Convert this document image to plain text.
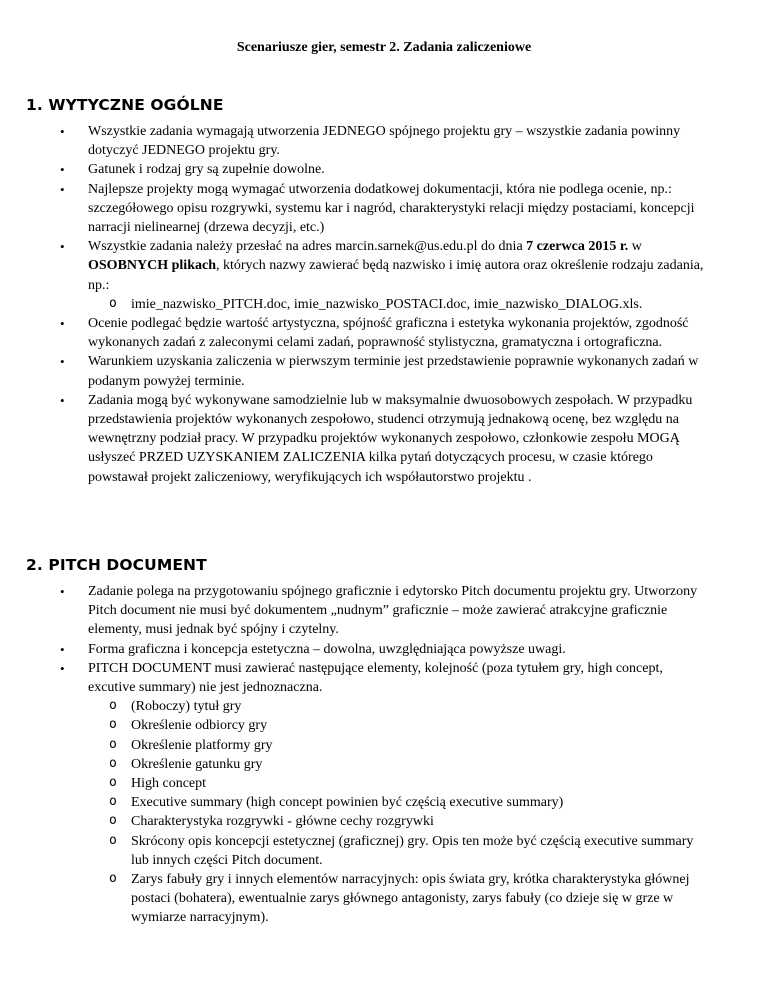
Scenariusze gier, semestr 2. Zadania zaliczeniowe
1. WYTYCZNE OGÓLNE
• Wszystkie zadania wymagają utworzenia JEDNEGO spójnego projektu gry – wszystkie zadania powinny dotyczyć JEDNEGO projektu gry.
• Gatunek i rodzaj gry są zupełnie dowolne.
• Najlepsze projekty mogą wymagać utworzenia dodatkowej dokumentacji, która nie podlega ocenie, np.: szczegółowego opisu rozgrywki, systemu kar i nagród, charakterystyki relacji między postaciami, koncepcji narracji nielinearnej (drzewa decyzji, etc.)
• Wszystkie zadania należy przesłać na adres marcin.sarnek@us.edu.pl do dnia 7 czerwca 2015 r. w OSOBNYCH plikach, których nazwy zawierać będą nazwisko i imię autora oraz określenie rodzaju zadania, np.:
o imie_nazwisko_PITCH.doc, imie_nazwisko_POSTACI.doc, imie_nazwisko_DIALOG.xls.
• Ocenie podlegać będzie wartość artystyczna, spójność graficzna i estetyka wykonania projektów, zgodność wykonanych zadań z zaleconymi celami zadań, poprawność stylistyczna, gramatyczna i ortograficzna.
• Warunkiem uzyskania zaliczenia w pierwszym terminie jest przedstawienie poprawnie wykonanych zadań w podanym powyżej terminie.
• Zadania mogą być wykonywane samodzielnie lub w maksymalnie dwuosobowych zespołach. W przypadku przedstawienia projektów wykonanych zespołowo, studenci otrzymują jednakową ocenę, bez względu na wewnętrzny podział pracy. W przypadku projektów wykonanych zespołowo, członkowie zespołu MOGĄ usłyszeć PRZED UZYSKANIEM ZALICZENIA kilka pytań dotyczących procesu, w czasie którego powstawał projekt zaliczeniowy, weryfikujących ich współautorstwo projektu .
2. PITCH DOCUMENT
• Zadanie polega na przygotowaniu spójnego graficznie i edytorsko Pitch documentu projektu gry. Utworzony Pitch document nie musi być dokumentem „nudnym” graficznie – może zawierać atrakcyjne graficznie elementy, musi jednak być spójny i czytelny.
• Forma graficzna i koncepcja estetyczna – dowolna, uwzględniająca powyższe uwagi.
• PITCH DOCUMENT musi zawierać następujące elementy, kolejność (poza tytułem gry, high concept, excutive summary) nie jest jednoznaczna.
o (Roboczy) tytuł gry
o Określenie odbiorcy gry
o Określenie platformy gry
o Określenie gatunku gry
o High concept
o Executive summary (high concept powinien być częścią executive summary)
o Charakterystyka rozgrywki - główne cechy rozgrywki
o Skrócony opis koncepcji estetycznej (graficznej) gry. Opis ten może być częścią executive summary lub innych części Pitch document.
o Zarys fabuły gry i innych elementów narracyjnych: opis świata gry, krótka charakterystyka głównej postaci (bohatera), ewentualnie zarys głównego antagonisty, zarys fabuły (co dzieje się w grze w wymiarze narracyjnym).
